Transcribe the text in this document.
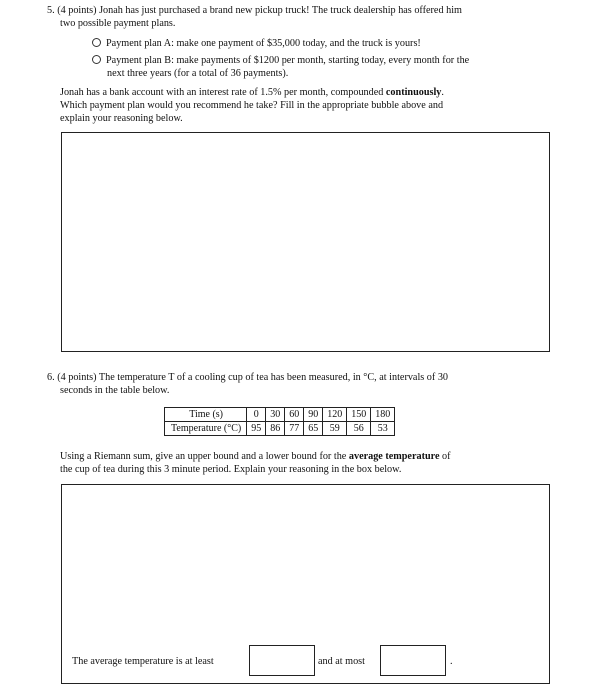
5. (4 points) Jonah has just purchased a brand new pickup truck! The truck dealership has offered him
two possible payment plans.
Payment plan A: make one payment of $35,000 today, and the truck is yours!
Payment plan B: make payments of $1200 per month, starting today, every month for the
next three years (for a total of 36 payments).
Jonah has a bank account with an interest rate of 1.5% per month, compounded continuously.
Which payment plan would you recommend he take? Fill in the appropriate bubble above and
explain your reasoning below.
6. (4 points) The temperature T of a cooling cup of tea has been measured, in °C, at intervals of 30
seconds in the table below.
Time (s)	0	30	60	90	120	150	180
Temperature (°C)	95	86	77	65	59	56	53
Using a Riemann sum, give an upper bound and a lower bound for the average temperature of
the cup of tea during this 3 minute period. Explain your reasoning in the box below.
The average temperature is at least	and at most	.
